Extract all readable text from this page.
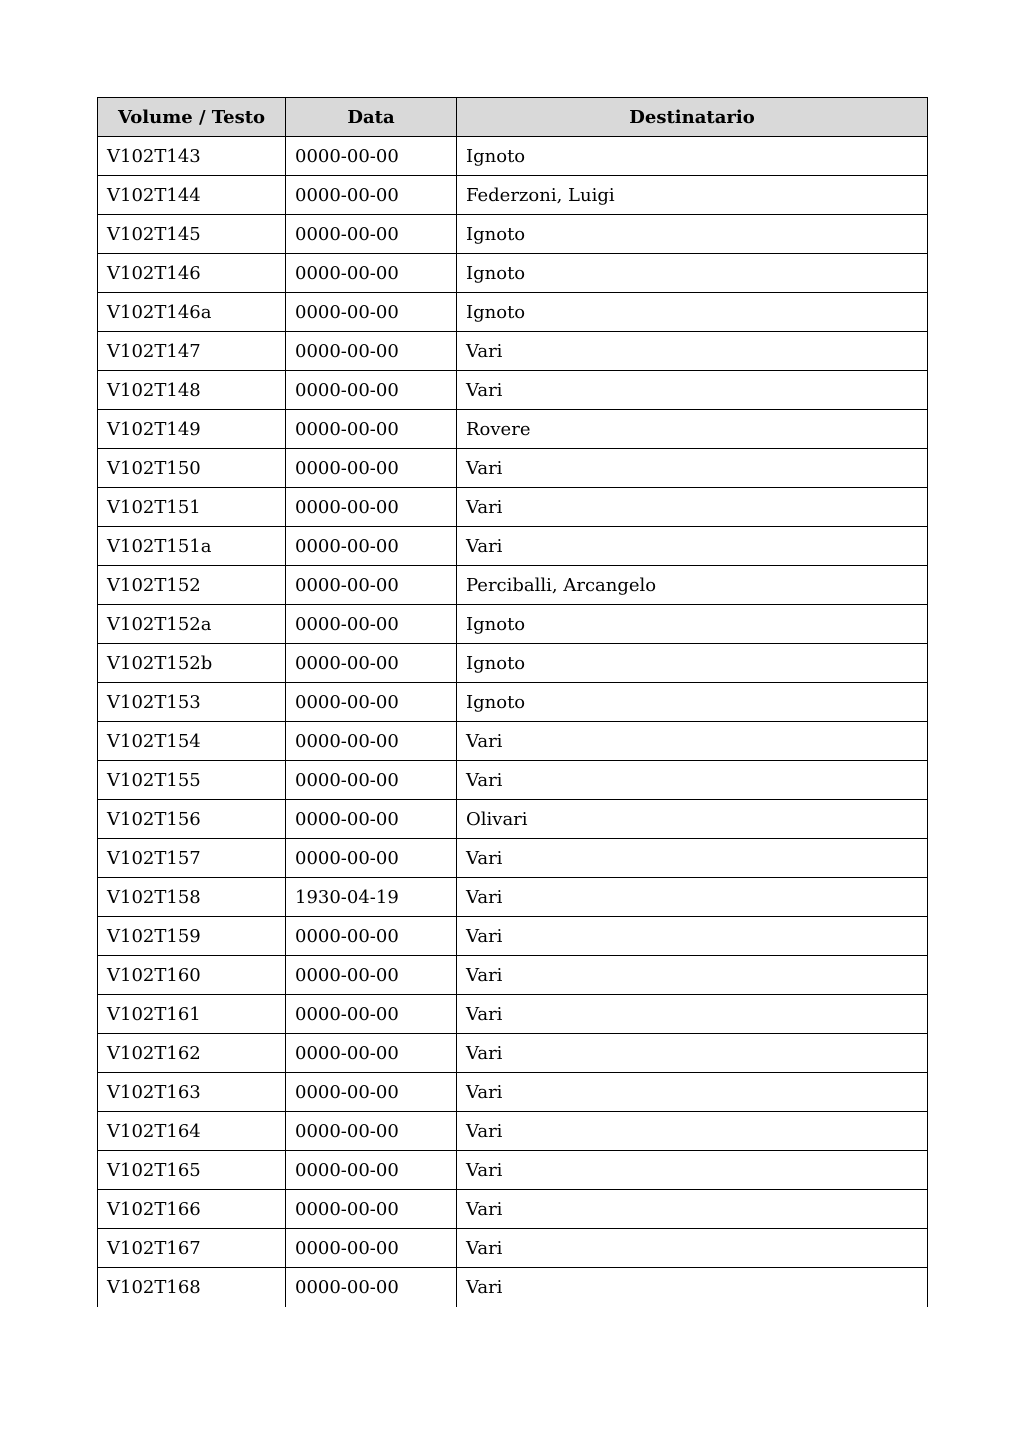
Volume / Testo	Data	Destinatario
V102T143	0000-00-00	Ignoto
V102T144	0000-00-00	Federzoni, Luigi
V102T145	0000-00-00	Ignoto
V102T146	0000-00-00	Ignoto
V102T146a	0000-00-00	Ignoto
V102T147	0000-00-00	Vari
V102T148	0000-00-00	Vari
V102T149	0000-00-00	Rovere
V102T150	0000-00-00	Vari
V102T151	0000-00-00	Vari
V102T151a	0000-00-00	Vari
V102T152	0000-00-00	Perciballi, Arcangelo
V102T152a	0000-00-00	Ignoto
V102T152b	0000-00-00	Ignoto
V102T153	0000-00-00	Ignoto
V102T154	0000-00-00	Vari
V102T155	0000-00-00	Vari
V102T156	0000-00-00	Olivari
V102T157	0000-00-00	Vari
V102T158	1930-04-19	Vari
V102T159	0000-00-00	Vari
V102T160	0000-00-00	Vari
V102T161	0000-00-00	Vari
V102T162	0000-00-00	Vari
V102T163	0000-00-00	Vari
V102T164	0000-00-00	Vari
V102T165	0000-00-00	Vari
V102T166	0000-00-00	Vari
V102T167	0000-00-00	Vari
V102T168	0000-00-00	Vari
